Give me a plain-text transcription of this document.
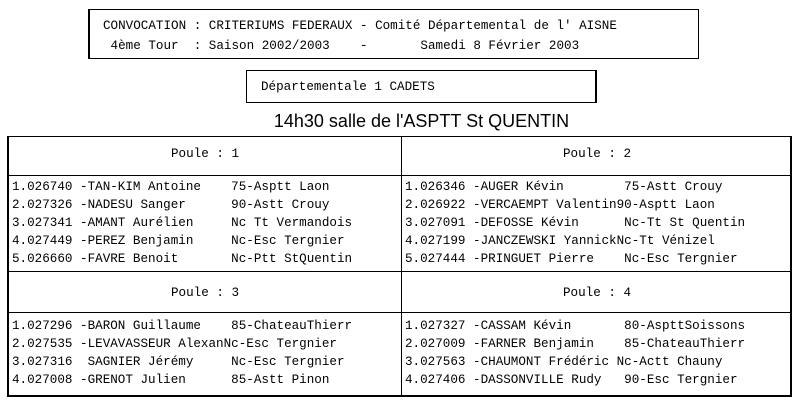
CONVOCATION : CRITERIUMS FEDERAUX - Comité Départemental de l' AISNE
4ème Tour  : Saison 2002/2003    -       Samedi 8 Février 2003
Départementale 1 CADETS
14h30 salle de l'ASPTT St QUENTIN
Poule : 1
1.026740 -TAN-KIM Antoine    75-Asptt Laon
2.027326 -NADESU Sanger      90-Astt Crouy
3.027341 -AMANT Aurélien     Nc Tt Vermandois
4.027449 -PEREZ Benjamin     Nc-Esc Tergnier
5.026660 -FAVRE Benoit       Nc-Ptt StQuentin
Poule : 2
1.026346 -AUGER Kévin        75-Astt Crouy
2.026922 -VERCAEMPT Valentin90-Asptt Laon
3.027091 -DEFOSSE Kévin      Nc-Tt St Quentin
4.027199 -JANCZEWSKI YannickNc-Tt Vénizel
5.027444 -PRINGUET Pierre    Nc-Esc Tergnier
Poule : 3
1.027296 -BARON Guillaume    85-ChateauThierr
2.027535 -LEVAVASSEUR AlexanNc-Esc Tergnier
3.027316  SAGNIER Jérémy     Nc-Esc Tergnier
4.027008 -GRENOT Julien      85-Astt Pinon
Poule : 4
1.027327 -CASSAM Kévin       80-AspttSoissons
2.027009 -FARNER Benjamin    85-ChateauThierr
3.027563 -CHAUMONT Frédéric Nc-Actt Chauny
4.027406 -DASSONVILLE Rudy   90-Esc Tergnier
